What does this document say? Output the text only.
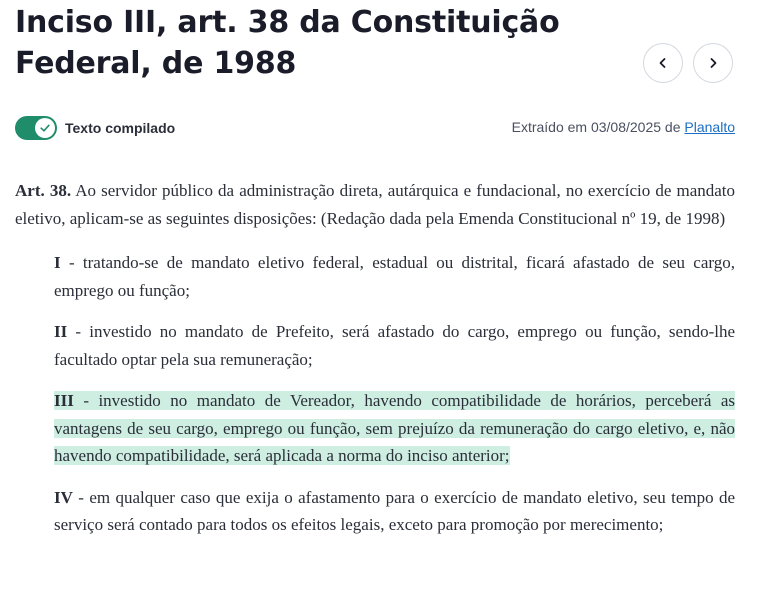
Inciso III, art. 38 da Constituição
Federal, de 1988
Texto compilado	Extraído em 03/08/2025 de Planalto

Art. 38. Ao servidor público da administração direta, autárquica e fundacional, no exercício de mandato eletivo, aplicam-se as seguintes disposições: (Redação dada pela Emenda Constitucional nº 19, de 1998)

I - tratando-se de mandato eletivo federal, estadual ou distrital, ficará afastado de seu cargo, emprego ou função;

II - investido no mandato de Prefeito, será afastado do cargo, emprego ou função, sendo-lhe facultado optar pela sua remuneração;

III - investido no mandato de Vereador, havendo compatibilidade de horários, perceberá as vantagens de seu cargo, emprego ou função, sem prejuízo da remuneração do cargo eletivo, e, não havendo compatibilidade, será aplicada a norma do inciso anterior;

IV - em qualquer caso que exija o afastamento para o exercício de mandato eletivo, seu tempo de serviço será contado para todos os efeitos legais, exceto para promoção por merecimento;
